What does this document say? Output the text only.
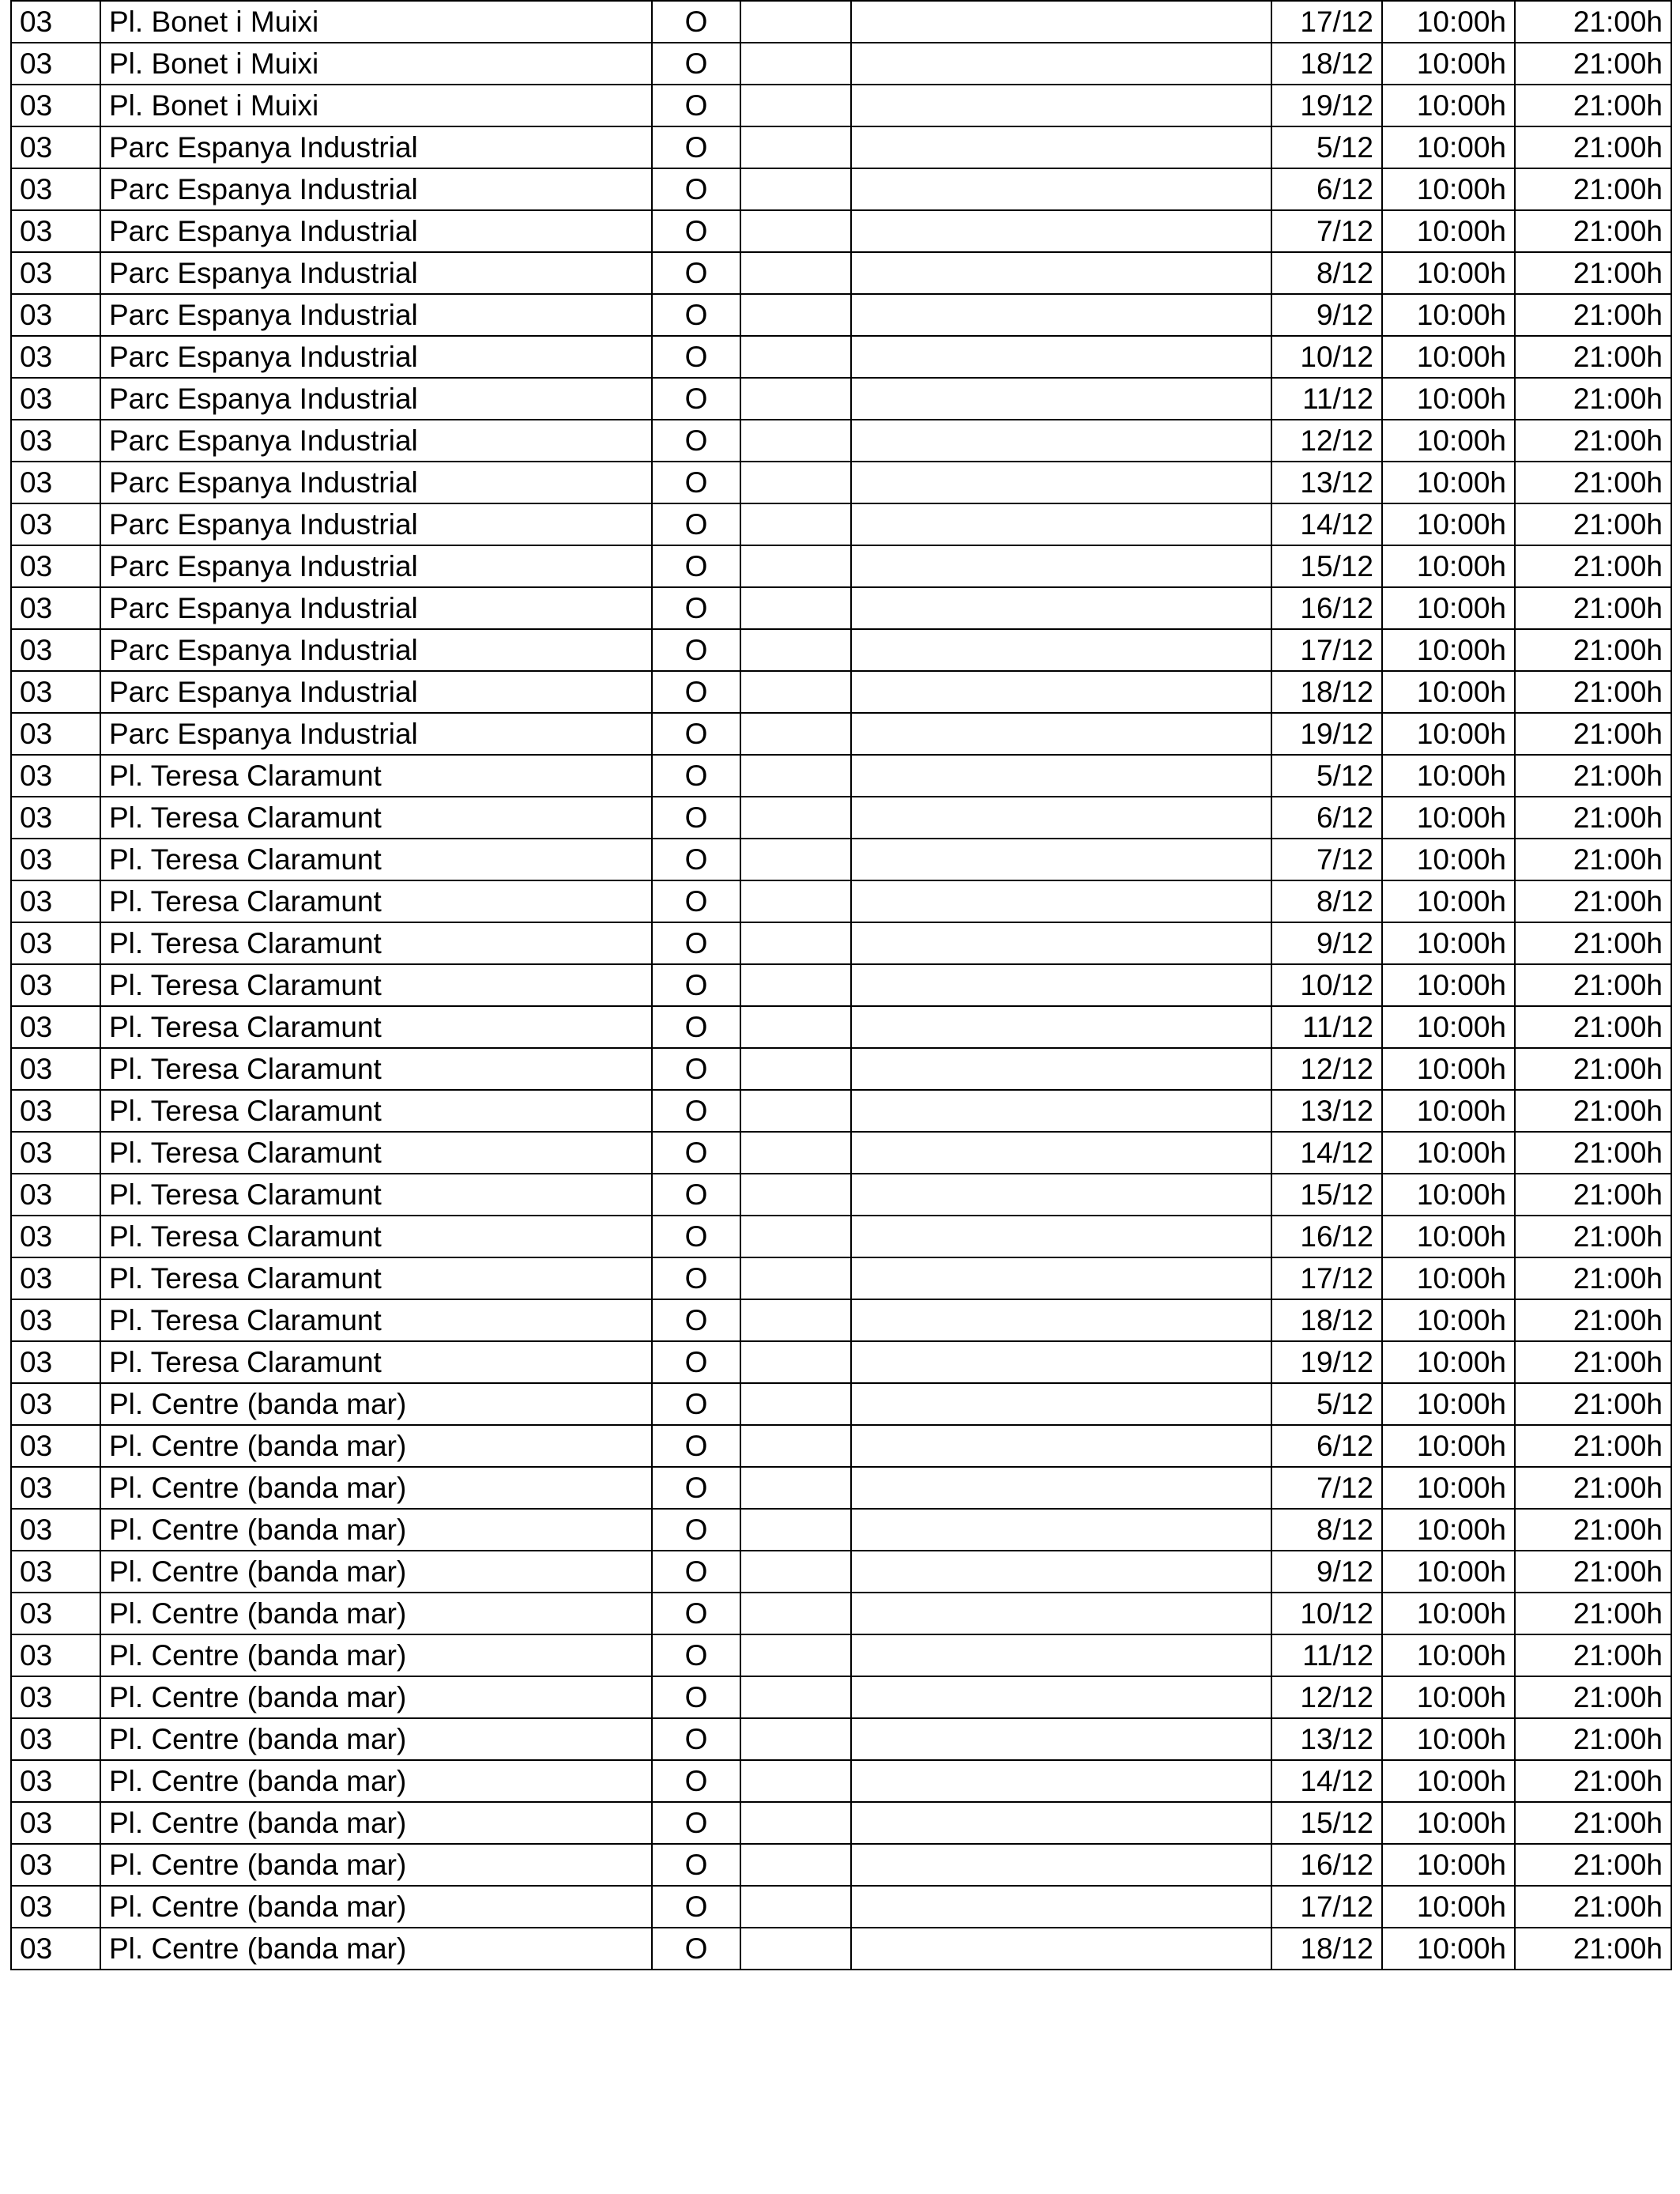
03	Pl. Bonet i Muixi	O			17/12	10:00h	21:00h
03	Pl. Bonet i Muixi	O			18/12	10:00h	21:00h
03	Pl. Bonet i Muixi	O			19/12	10:00h	21:00h
03	Parc Espanya Industrial	O			5/12	10:00h	21:00h
03	Parc Espanya Industrial	O			6/12	10:00h	21:00h
03	Parc Espanya Industrial	O			7/12	10:00h	21:00h
03	Parc Espanya Industrial	O			8/12	10:00h	21:00h
03	Parc Espanya Industrial	O			9/12	10:00h	21:00h
03	Parc Espanya Industrial	O			10/12	10:00h	21:00h
03	Parc Espanya Industrial	O			11/12	10:00h	21:00h
03	Parc Espanya Industrial	O			12/12	10:00h	21:00h
03	Parc Espanya Industrial	O			13/12	10:00h	21:00h
03	Parc Espanya Industrial	O			14/12	10:00h	21:00h
03	Parc Espanya Industrial	O			15/12	10:00h	21:00h
03	Parc Espanya Industrial	O			16/12	10:00h	21:00h
03	Parc Espanya Industrial	O			17/12	10:00h	21:00h
03	Parc Espanya Industrial	O			18/12	10:00h	21:00h
03	Parc Espanya Industrial	O			19/12	10:00h	21:00h
03	Pl. Teresa Claramunt	O			5/12	10:00h	21:00h
03	Pl. Teresa Claramunt	O			6/12	10:00h	21:00h
03	Pl. Teresa Claramunt	O			7/12	10:00h	21:00h
03	Pl. Teresa Claramunt	O			8/12	10:00h	21:00h
03	Pl. Teresa Claramunt	O			9/12	10:00h	21:00h
03	Pl. Teresa Claramunt	O			10/12	10:00h	21:00h
03	Pl. Teresa Claramunt	O			11/12	10:00h	21:00h
03	Pl. Teresa Claramunt	O			12/12	10:00h	21:00h
03	Pl. Teresa Claramunt	O			13/12	10:00h	21:00h
03	Pl. Teresa Claramunt	O			14/12	10:00h	21:00h
03	Pl. Teresa Claramunt	O			15/12	10:00h	21:00h
03	Pl. Teresa Claramunt	O			16/12	10:00h	21:00h
03	Pl. Teresa Claramunt	O			17/12	10:00h	21:00h
03	Pl. Teresa Claramunt	O			18/12	10:00h	21:00h
03	Pl. Teresa Claramunt	O			19/12	10:00h	21:00h
03	Pl. Centre (banda mar)	O			5/12	10:00h	21:00h
03	Pl. Centre (banda mar)	O			6/12	10:00h	21:00h
03	Pl. Centre (banda mar)	O			7/12	10:00h	21:00h
03	Pl. Centre (banda mar)	O			8/12	10:00h	21:00h
03	Pl. Centre (banda mar)	O			9/12	10:00h	21:00h
03	Pl. Centre (banda mar)	O			10/12	10:00h	21:00h
03	Pl. Centre (banda mar)	O			11/12	10:00h	21:00h
03	Pl. Centre (banda mar)	O			12/12	10:00h	21:00h
03	Pl. Centre (banda mar)	O			13/12	10:00h	21:00h
03	Pl. Centre (banda mar)	O			14/12	10:00h	21:00h
03	Pl. Centre (banda mar)	O			15/12	10:00h	21:00h
03	Pl. Centre (banda mar)	O			16/12	10:00h	21:00h
03	Pl. Centre (banda mar)	O			17/12	10:00h	21:00h
03	Pl. Centre (banda mar)	O			18/12	10:00h	21:00h
